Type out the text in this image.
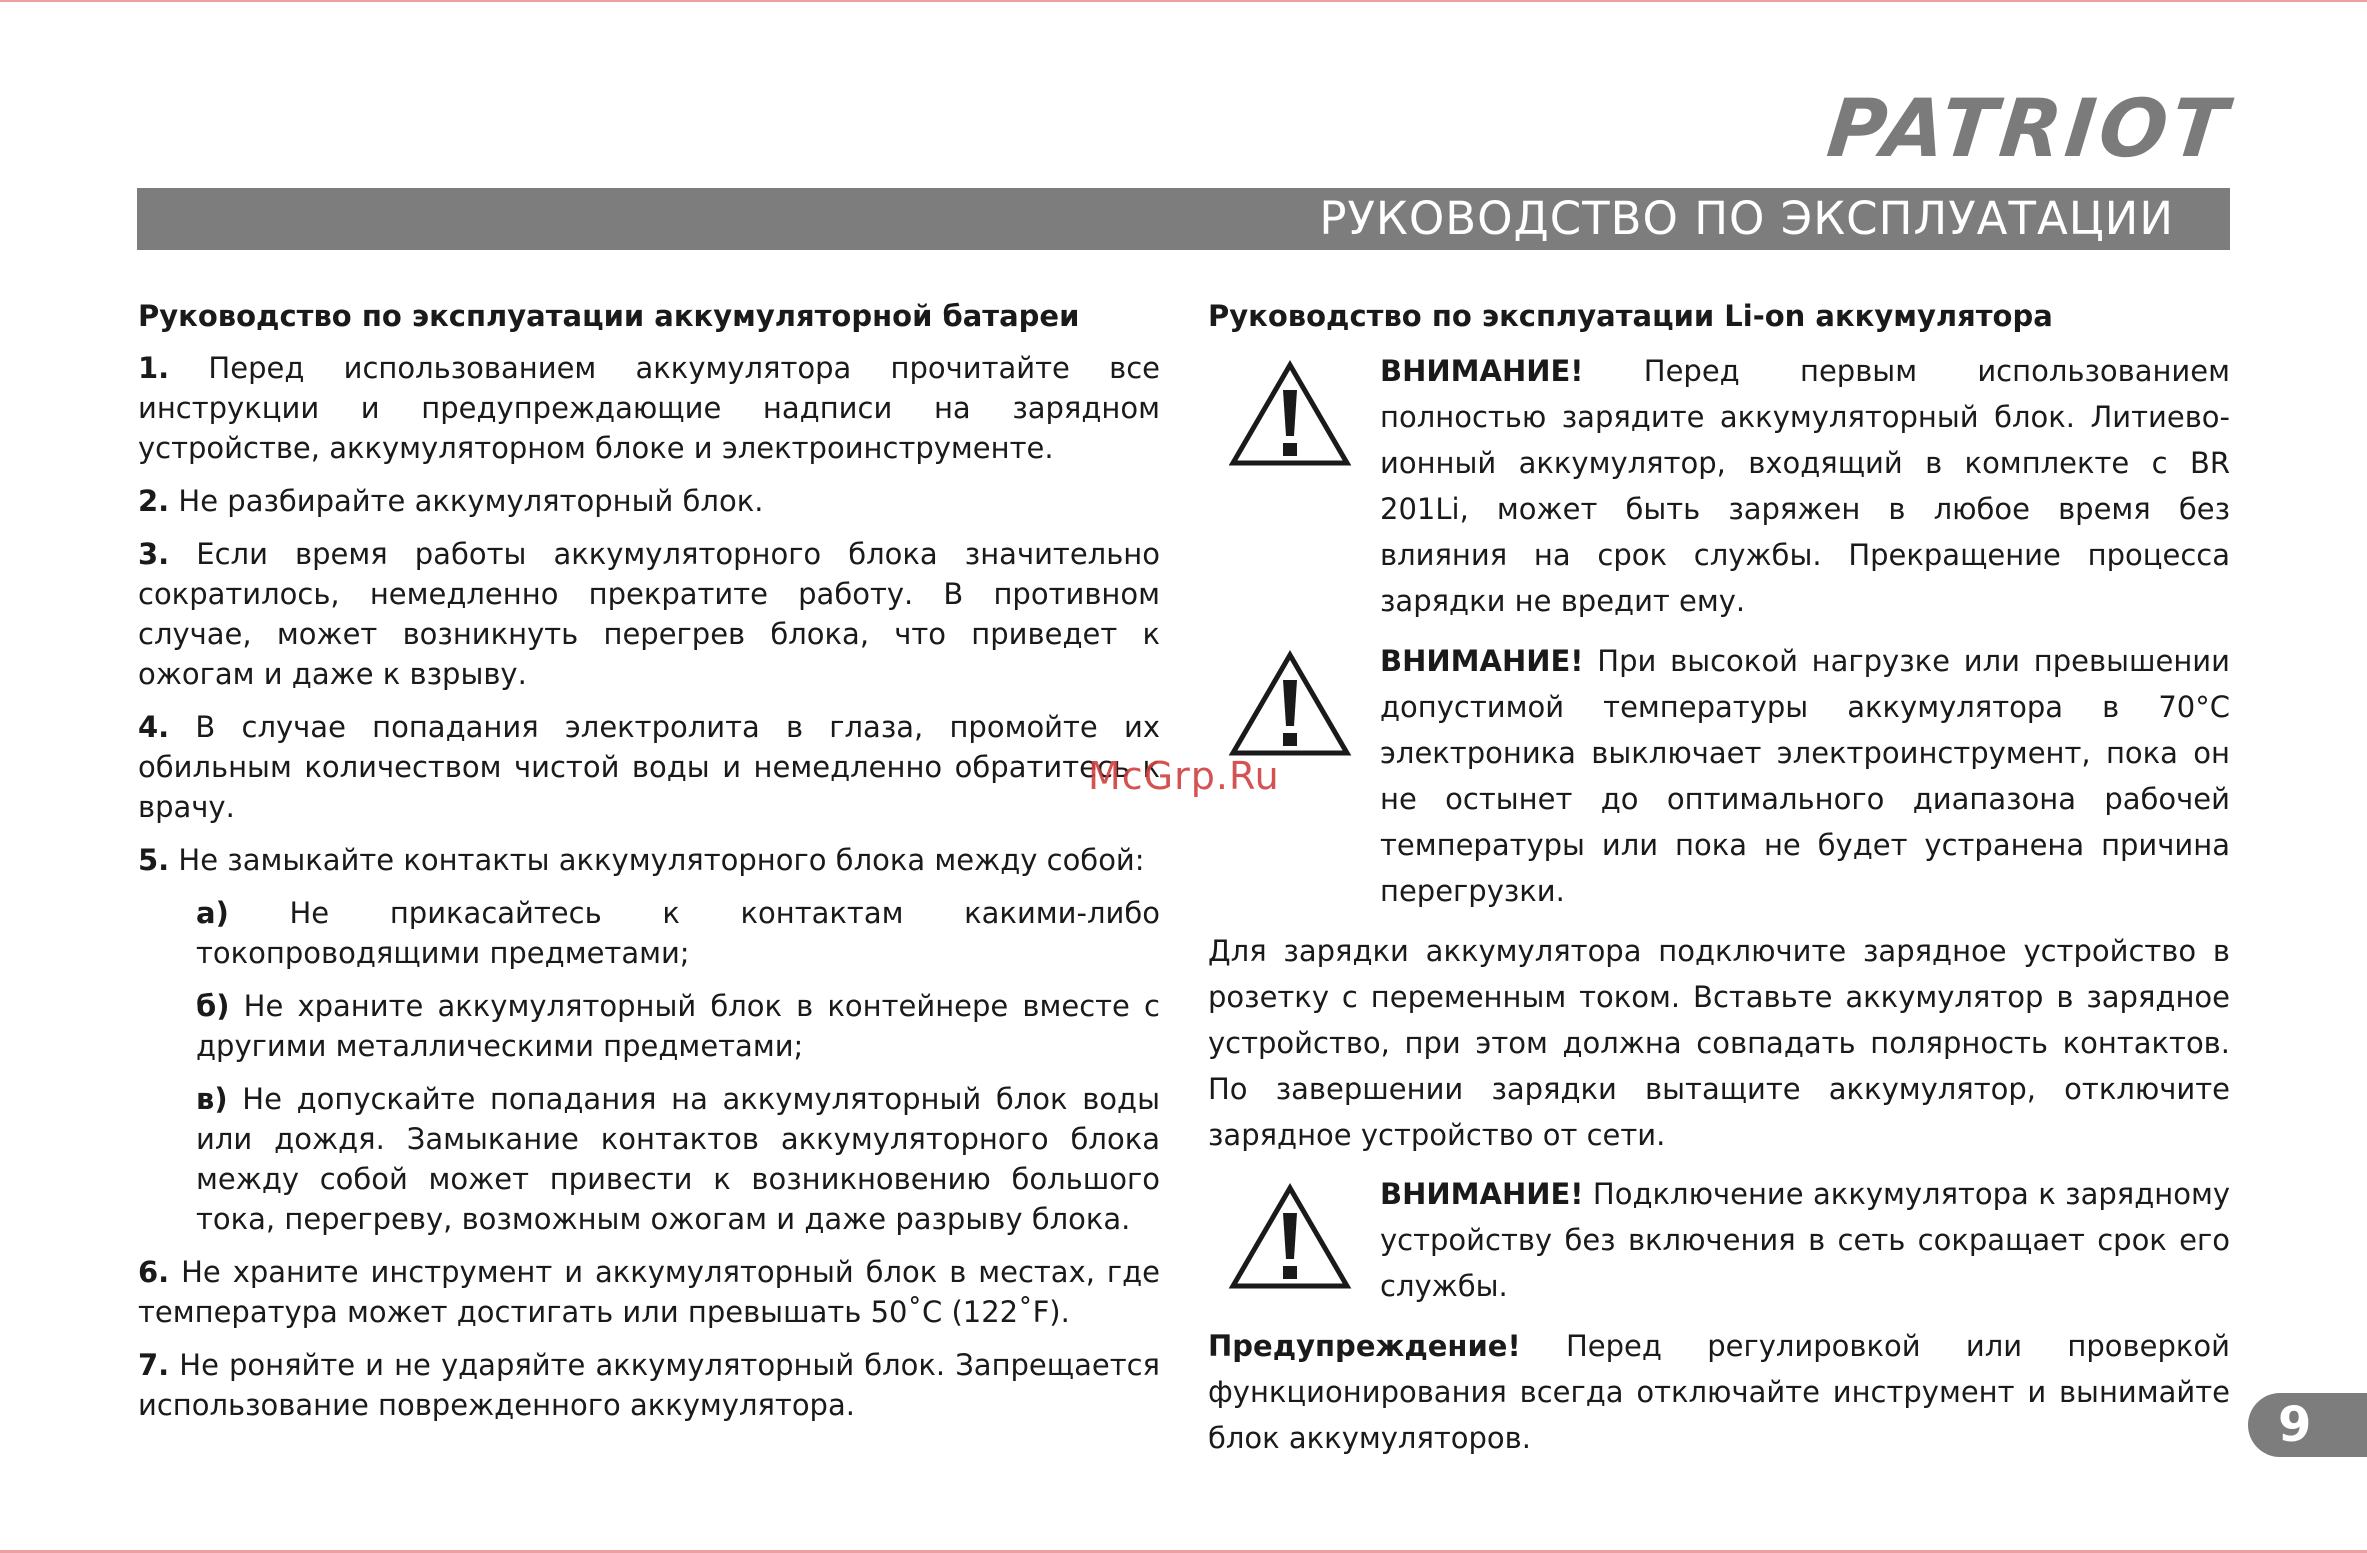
PATRIOT
РУКОВОДСТВО ПО ЭКСПЛУАТАЦИИ
Руководство по эксплуатации аккумуляторной батареи
1. Перед использованием аккумулятора прочитайте все инструкции и предупреждающие надписи на зарядном устройстве, аккумуляторном блоке и электроинструменте.
2. Не разбирайте аккумуляторный блок.
3. Если время работы аккумуляторного блока значительно сократилось, немедленно прекратите работу. В противном случае, может возникнуть перегрев блока, что приведет к ожогам и даже к взрыву.
4. В случае попадания электролита в глаза, промойте их обильным количеством чистой воды и немедленно обратитесь к врачу.
5. Не замыкайте контакты аккумуляторного блока между собой:
а) Не прикасайтесь к контактам какими-либо токопроводящими предметами;
б) Не храните аккумуляторный блок в контейнере вместе с другими металлическими предметами;
в) Не допускайте попадания на аккумуляторный блок воды или дождя. Замыкание контактов аккумуляторного блока между собой может привести к возникновению большого тока, перегреву, возможным ожогам и даже разрыву блока.
6. Не храните инструмент и аккумуляторный блок в местах, где температура может достигать или превышать 50˚С (122˚F).
7. Не роняйте и не ударяйте аккумуляторный блок. Запрещается использование поврежденного аккумулятора.
Руководство по эксплуатации Li-on аккумулятора
ВНИМАНИЕ! Перед первым использованием полностью зарядите аккумуляторный блок. Литиево-ионный аккумулятор, входящий в комплекте с BR 201Li, может быть заряжен в любое время без влияния на срок службы. Прекращение процесса зарядки не вредит ему.
ВНИМАНИЕ! При высокой нагрузке или превышении допустимой температуры аккумулятора в 70°С электроника выключает электроинструмент, пока он не остынет до оптимального диапазона рабочей температуры или пока не будет устранена причина перегрузки.
Для зарядки аккумулятора подключите зарядное устройство в розетку с переменным током. Вставьте аккумулятор в зарядное устройство, при этом должна совпадать полярность контактов. По завершении зарядки вытащите аккумулятор, отключите зарядное устройство от сети.
ВНИМАНИЕ! Подключение аккумулятора к зарядному устройству без включения в сеть сокращает срок его службы.
Предупреждение! Перед регулировкой или проверкой функционирования всегда отключайте инструмент и вынимайте блок аккумуляторов.
McGrp.Ru
9
